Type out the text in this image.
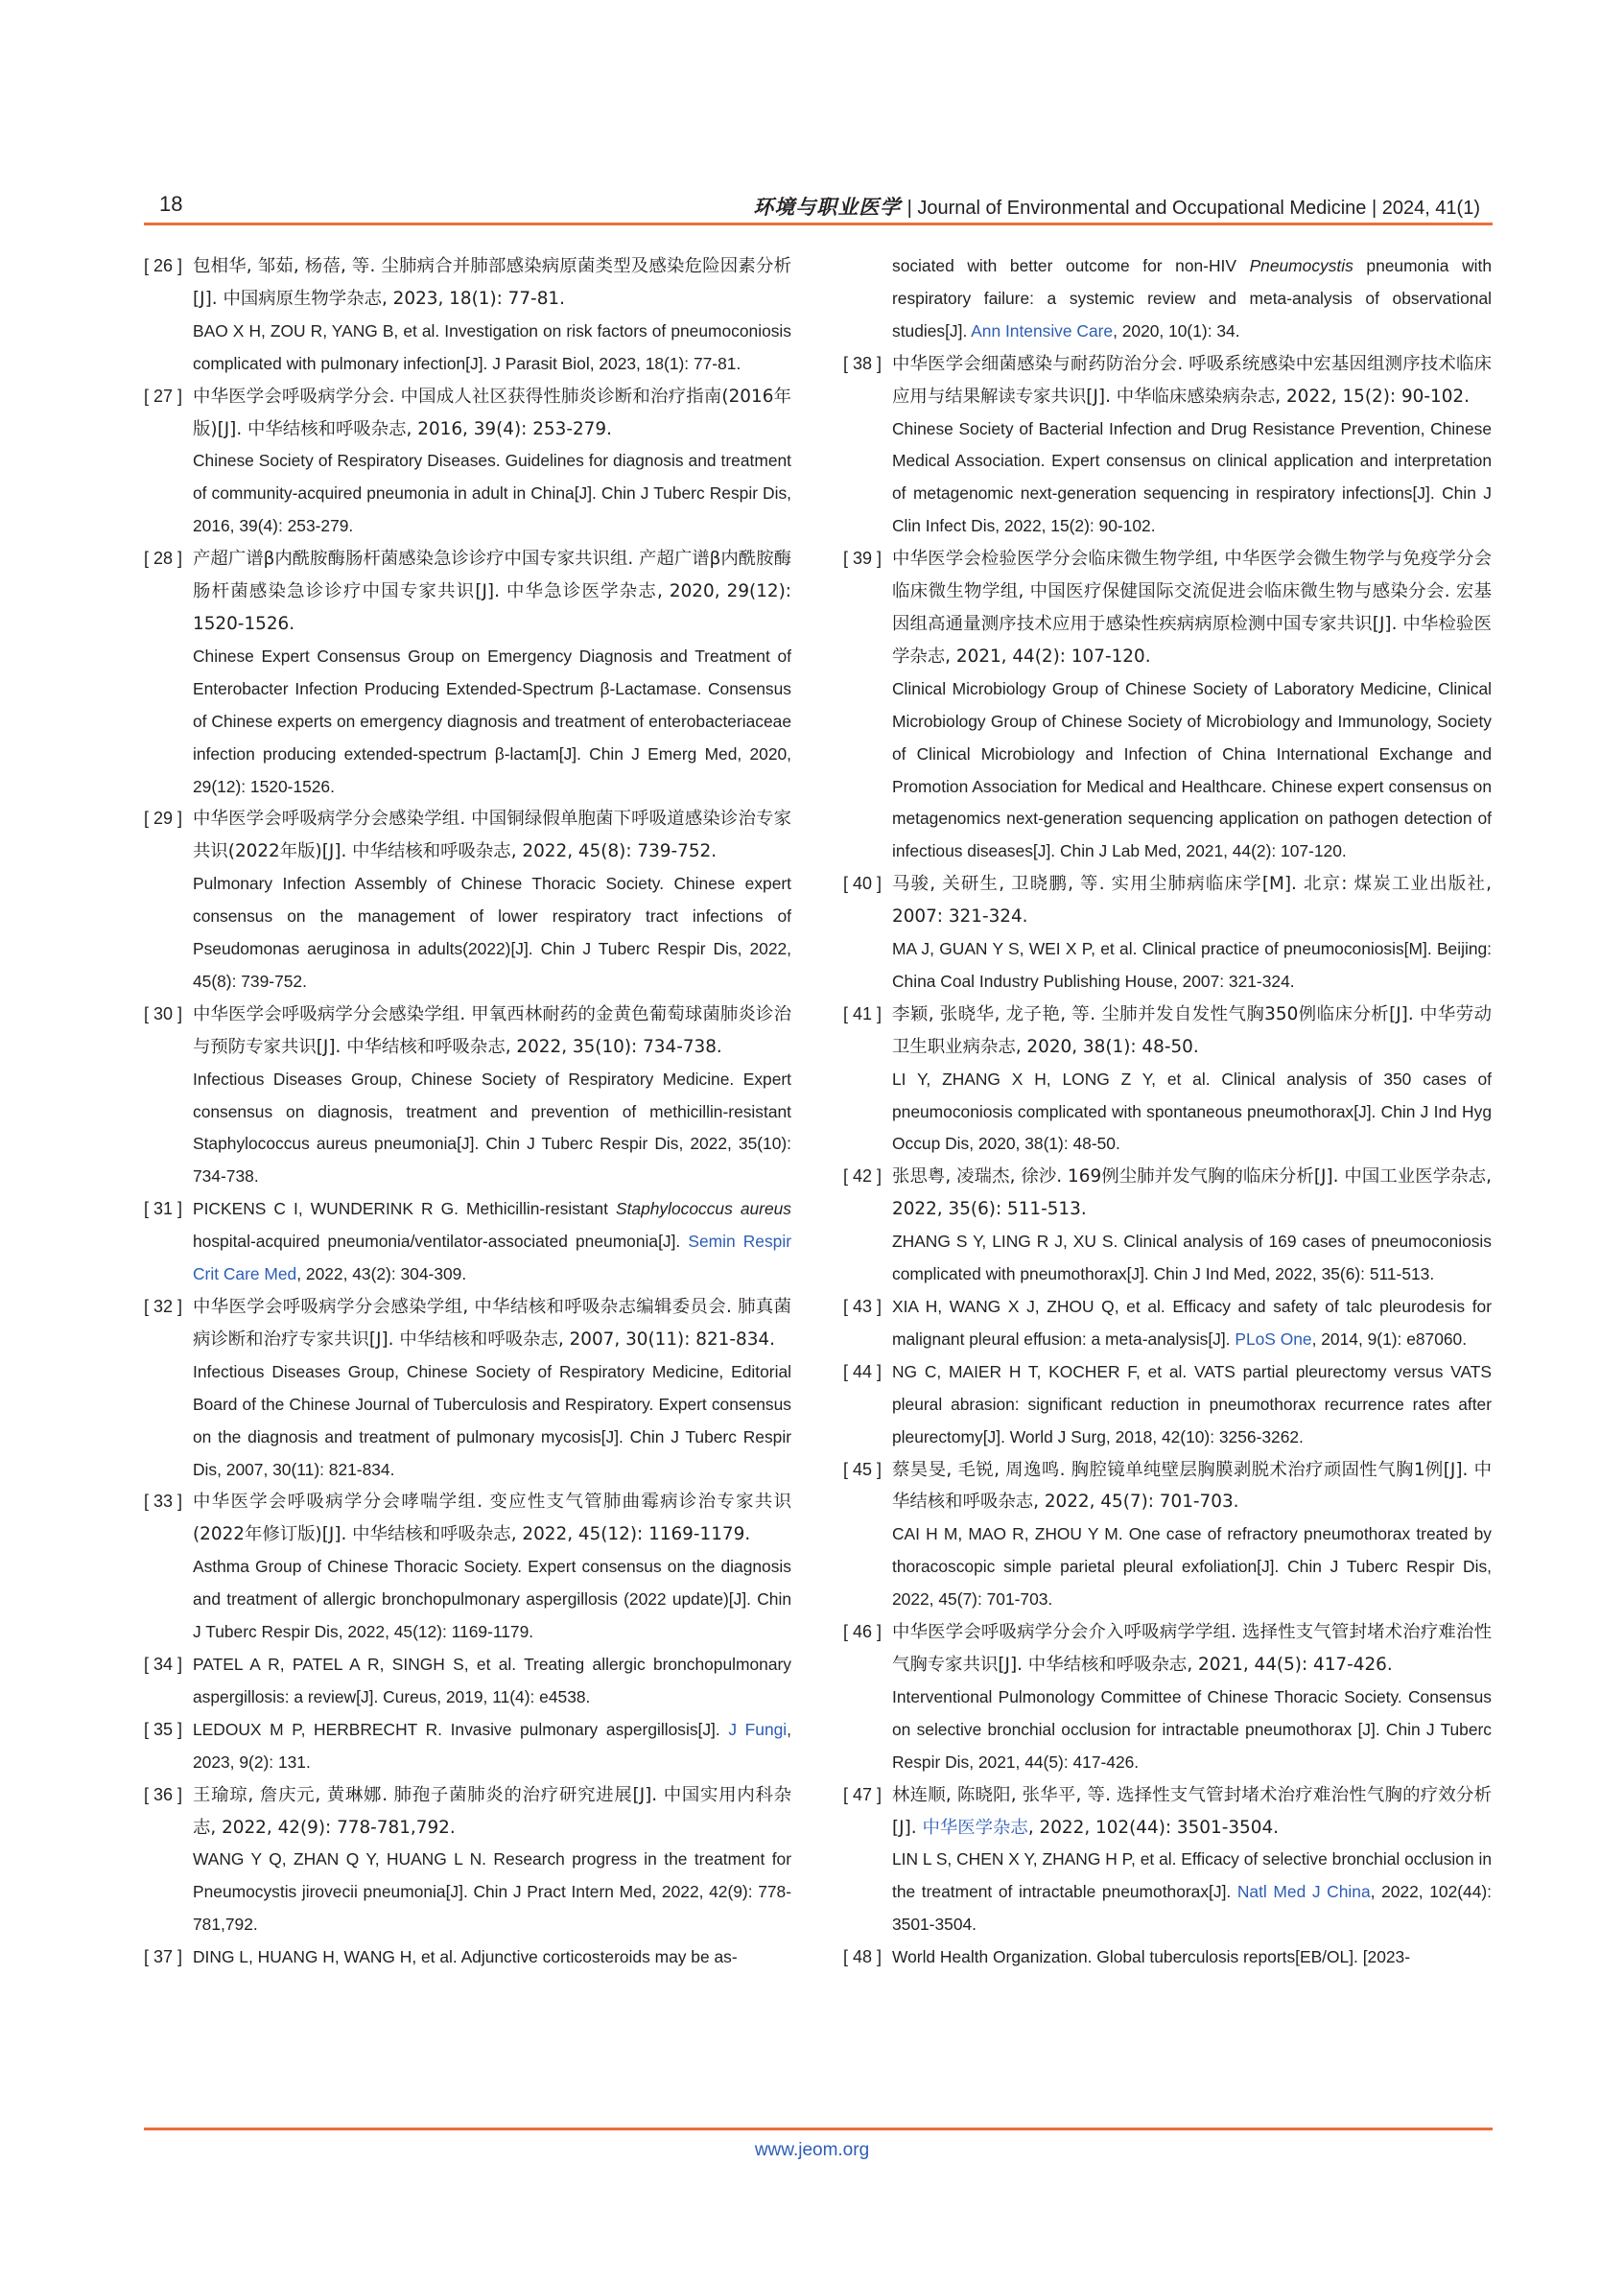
18	环境与职业医学 | Journal of Environmental and Occupational Medicine | 2024, 41(1)
[ 26 ] 包相华, 邹茹, 杨蓓, 等. 尘肺病合并肺部感染病原菌类型及感染危险因素分析[J]. 中国病原生物学杂志, 2023, 18(1): 77-81.
BAO X H, ZOU R, YANG B, et al. Investigation on risk factors of pneumoconiosis complicated with pulmonary infection[J]. J Parasit Biol, 2023, 18(1): 77-81.
[ 27 ] 中华医学会呼吸病学分会. 中国成人社区获得性肺炎诊断和治疗指南(2016年版)[J]. 中华结核和呼吸杂志, 2016, 39(4): 253-279.
Chinese Society of Respiratory Diseases. Guidelines for diagnosis and treatment of community-acquired pneumonia in adult in China[J]. Chin J Tuberc Respir Dis, 2016, 39(4): 253-279.
[ 28 ] 产超广谱β内酰胺酶肠杆菌感染急诊诊疗中国专家共识组. 产超广谱β内酰胺酶肠杆菌感染急诊诊疗中国专家共识[J]. 中华急诊医学杂志, 2020, 29(12): 1520-1526.
Chinese Expert Consensus Group on Emergency Diagnosis and Treatment of Enterobacter Infection Producing Extended-Spectrum β-Lactamase. Consensus of Chinese experts on emergency diagnosis and treatment of enterobacteriaceae infection producing extended-spectrum β-lactam[J]. Chin J Emerg Med, 2020, 29(12): 1520-1526.
[ 29 ] 中华医学会呼吸病学分会感染学组. 中国铜绿假单胞菌下呼吸道感染诊治专家共识(2022年版)[J]. 中华结核和呼吸杂志, 2022, 45(8): 739-752.
Pulmonary Infection Assembly of Chinese Thoracic Society. Chinese expert consensus on the management of lower respiratory tract infections of Pseudomonas aeruginosa in adults(2022)[J]. Chin J Tuberc Respir Dis, 2022, 45(8): 739-752.
[ 30 ] 中华医学会呼吸病学分会感染学组. 甲氧西林耐药的金黄色葡萄球菌肺炎诊治与预防专家共识[J]. 中华结核和呼吸杂志, 2022, 35(10): 734-738.
Infectious Diseases Group, Chinese Society of Respiratory Medicine. Expert consensus on diagnosis, treatment and prevention of methicillin-resistant Staphylococcus aureus pneumonia[J]. Chin J Tuberc Respir Dis, 2022, 35(10): 734-738.
[ 31 ] PICKENS C I, WUNDERINK R G. Methicillin-resistant Staphylococcus aureus hospital-acquired pneumonia/ventilator-associated pneumonia[J]. Semin Respir Crit Care Med, 2022, 43(2): 304-309.
[ 32 ] 中华医学会呼吸病学分会感染学组, 中华结核和呼吸杂志编辑委员会. 肺真菌病诊断和治疗专家共识[J]. 中华结核和呼吸杂志, 2007, 30(11): 821-834.
Infectious Diseases Group, Chinese Society of Respiratory Medicine, Editorial Board of the Chinese Journal of Tuberculosis and Respiratory. Expert consensus on the diagnosis and treatment of pulmonary mycosis[J]. Chin J Tuberc Respir Dis, 2007, 30(11): 821-834.
[ 33 ] 中华医学会呼吸病学分会哮喘学组. 变应性支气管肺曲霉病诊治专家共识(2022年修订版)[J]. 中华结核和呼吸杂志, 2022, 45(12): 1169-1179.
Asthma Group of Chinese Thoracic Society. Expert consensus on the diagnosis and treatment of allergic bronchopulmonary aspergillosis (2022 update)[J]. Chin J Tuberc Respir Dis, 2022, 45(12): 1169-1179.
[ 34 ] PATEL A R, PATEL A R, SINGH S, et al. Treating allergic bronchopulmonary aspergillosis: a review[J]. Cureus, 2019, 11(4): e4538.
[ 35 ] LEDOUX M P, HERBRECHT R. Invasive pulmonary aspergillosis[J]. J Fungi, 2023, 9(2): 131.
[ 36 ] 王瑜琼, 詹庆元, 黄琳娜. 肺孢子菌肺炎的治疗研究进展[J]. 中国实用内科杂志, 2022, 42(9): 778-781,792.
WANG Y Q, ZHAN Q Y, HUANG L N. Research progress in the treatment for Pneumocystis jirovecii pneumonia[J]. Chin J Pract Intern Med, 2022, 42(9): 778-781,792.
[ 37 ] DING L, HUANG H, WANG H, et al. Adjunctive corticosteroids may be as-
sociated with better outcome for non-HIV Pneumocystis pneumonia with respiratory failure: a systemic review and meta-analysis of observational studies[J]. Ann Intensive Care, 2020, 10(1): 34.
[ 38 ] 中华医学会细菌感染与耐药防治分会. 呼吸系统感染中宏基因组测序技术临床应用与结果解读专家共识[J]. 中华临床感染病杂志, 2022, 15(2): 90-102.
Chinese Society of Bacterial Infection and Drug Resistance Prevention, Chinese Medical Association. Expert consensus on clinical application and interpretation of metagenomic next-generation sequencing in respiratory infections[J]. Chin J Clin Infect Dis, 2022, 15(2): 90-102.
[ 39 ] 中华医学会检验医学分会临床微生物学组, 中华医学会微生物学与免疫学分会临床微生物学组, 中国医疗保健国际交流促进会临床微生物与感染分会. 宏基因组高通量测序技术应用于感染性疾病病原检测中国专家共识[J]. 中华检验医学杂志, 2021, 44(2): 107-120.
Clinical Microbiology Group of Chinese Society of Laboratory Medicine, Clinical Microbiology Group of Chinese Society of Microbiology and Immunology, Society of Clinical Microbiology and Infection of China International Exchange and Promotion Association for Medical and Healthcare. Chinese expert consensus on metagenomics next-generation sequencing application on pathogen detection of infectious diseases[J]. Chin J Lab Med, 2021, 44(2): 107-120.
[ 40 ] 马骏, 关研生, 卫晓鹏, 等. 实用尘肺病临床学[M]. 北京: 煤炭工业出版社, 2007: 321-324.
MA J, GUAN Y S, WEI X P, et al. Clinical practice of pneumoconiosis[M]. Beijing: China Coal Industry Publishing House, 2007: 321-324.
[ 41 ] 李颖, 张晓华, 龙子艳, 等. 尘肺并发自发性气胸350例临床分析[J]. 中华劳动卫生职业病杂志, 2020, 38(1): 48-50.
LI Y, ZHANG X H, LONG Z Y, et al. Clinical analysis of 350 cases of pneumoconiosis complicated with spontaneous pneumothorax[J]. Chin J Ind Hyg Occup Dis, 2020, 38(1): 48-50.
[ 42 ] 张思粤, 凌瑞杰, 徐沙. 169例尘肺并发气胸的临床分析[J]. 中国工业医学杂志, 2022, 35(6): 511-513.
ZHANG S Y, LING R J, XU S. Clinical analysis of 169 cases of pneumoconiosis complicated with pneumothorax[J]. Chin J Ind Med, 2022, 35(6): 511-513.
[ 43 ] XIA H, WANG X J, ZHOU Q, et al. Efficacy and safety of talc pleurodesis for malignant pleural effusion: a meta-analysis[J]. PLoS One, 2014, 9(1): e87060.
[ 44 ] NG C, MAIER H T, KOCHER F, et al. VATS partial pleurectomy versus VATS pleural abrasion: significant reduction in pneumothorax recurrence rates after pleurectomy[J]. World J Surg, 2018, 42(10): 3256-3262.
[ 45 ] 蔡昊旻, 毛锐, 周逸鸣. 胸腔镜单纯壁层胸膜剥脱术治疗顽固性气胸1例[J]. 中华结核和呼吸杂志, 2022, 45(7): 701-703.
CAI H M, MAO R, ZHOU Y M. One case of refractory pneumothorax treated by thoracoscopic simple parietal pleural exfoliation[J]. Chin J Tuberc Respir Dis, 2022, 45(7): 701-703.
[ 46 ] 中华医学会呼吸病学分会介入呼吸病学学组. 选择性支气管封堵术治疗难治性气胸专家共识[J]. 中华结核和呼吸杂志, 2021, 44(5): 417-426.
Interventional Pulmonology Committee of Chinese Thoracic Society. Consensus on selective bronchial occlusion for intractable pneumothorax [J]. Chin J Tuberc Respir Dis, 2021, 44(5): 417-426.
[ 47 ] 林连顺, 陈晓阳, 张华平, 等. 选择性支气管封堵术治疗难治性气胸的疗效分析[J]. 中华医学杂志, 2022, 102(44): 3501-3504.
LIN L S, CHEN X Y, ZHANG H P, et al. Efficacy of selective bronchial occlusion in the treatment of intractable pneumothorax[J]. Natl Med J China, 2022, 102(44): 3501-3504.
[ 48 ] World Health Organization. Global tuberculosis reports[EB/OL]. [2023-
www.jeom.org
